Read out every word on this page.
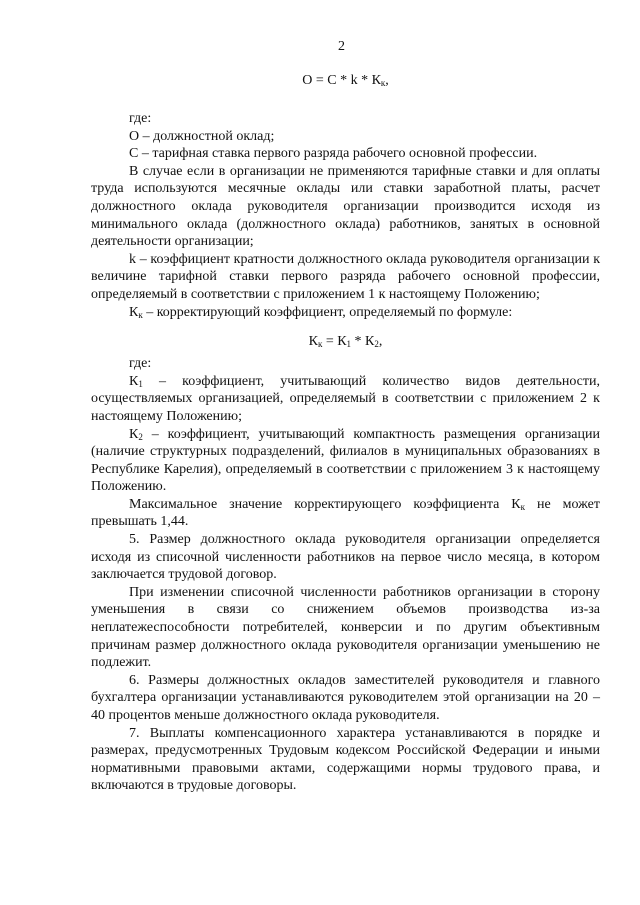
2
$О = С * k * К_к$,

где:

О – должностной оклад;

С – тарифная ставка первого разряда рабочего основной профессии.

В случае если в организации не применяются тарифные ставки и для оплаты труда используются месячные оклады или ставки заработной платы, расчет должностного оклада руководителя организации производится исходя из минимального оклада (должностного оклада) работников, занятых в основной деятельности организации;

k – коэффициент кратности должностного оклада руководителя организации к величине тарифной ставки первого разряда рабочего основной профессии, определяемый в соответствии с приложением 1 к настоящему Положению;

$К_к$ – корректирующий коэффициент, определяемый по формуле:

$К_к = К_1 * К_2$,

где:

$К_1$ – коэффициент, учитывающий количество видов деятельности, осуществляемых организацией, определяемый в соответствии с приложением 2 к настоящему Положению;

$К_2$ – коэффициент, учитывающий компактность размещения организации (наличие структурных подразделений, филиалов в муниципальных образованиях в Республике Карелия), определяемый в соответствии с приложением 3 к настоящему Положению.

Максимальное значение корректирующего коэффициента $К_к$ не может превышать 1,44.

5. Размер должностного оклада руководителя организации определяется исходя из списочной численности работников на первое число месяца, в котором заключается трудовой договор.

При изменении списочной численности работников организации в сторону уменьшения в связи со снижением объемов производства из-за неплатежеспособности потребителей, конверсии и по другим объективным причинам размер должностного оклада руководителя организации уменьшению не подлежит.

6. Размеры должностных окладов заместителей руководителя и главного бухгалтера организации устанавливаются руководителем этой организации на 20 – 40 процентов меньше должностного оклада руководителя.

7. Выплаты компенсационного характера устанавливаются в порядке и размерах, предусмотренных Трудовым кодексом Российской Федерации и иными нормативными правовыми актами, содержащими нормы трудового права, и включаются в трудовые договоры.
